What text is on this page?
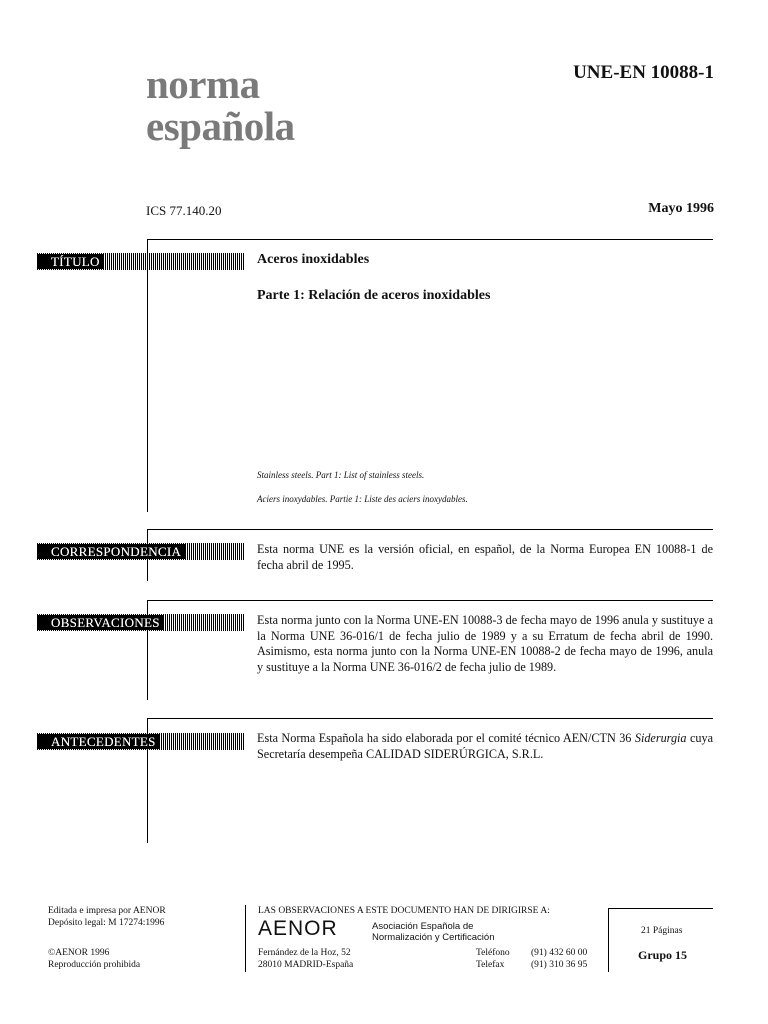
norma
española
UNE-EN 10088-1
ICS 77.140.20	Mayo 1996
TÍTULO	Aceros inoxidables
Parte 1: Relación de aceros inoxidables
Stainless steels. Part 1: List of stainless steels.
Aciers inoxydables. Partie 1: Liste des aciers inoxydables.
CORRESPONDENCIA	Esta norma UNE es la versión oficial, en español, de la Norma Europea EN 10088-1 de fecha abril de 1995.
OBSERVACIONES	Esta norma junto con la Norma UNE-EN 10088-3 de fecha mayo de 1996 anula y sustituye a la Norma UNE 36-016/1 de fecha julio de 1989 y a su Erratum de fecha abril de 1990. Asimismo, esta norma junto con la Norma UNE-EN 10088-2 de fecha mayo de 1996, anula y sustituye a la Norma UNE 36-016/2 de fecha julio de 1989.
ANTECEDENTES	Esta Norma Española ha sido elaborada por el comité técnico AEN/CTN 36 Siderurgia cuya Secretaría desempeña CALIDAD SIDERÚRGICA, S.R.L.
Editada e impresa por AENOR
Depósito legal: M 17274:1996
©AENOR 1996
Reproducción prohibida
LAS OBSERVACIONES A ESTE DOCUMENTO HAN DE DIRIGIRSE A:
AENOR	Asociación Española de
Normalización y Certificación
Fernández de la Hoz, 52
28010 MADRID-España
Teléfono (91) 432 60 00
Telefax	(91) 310 36 95
21 Páginas
Grupo 15
